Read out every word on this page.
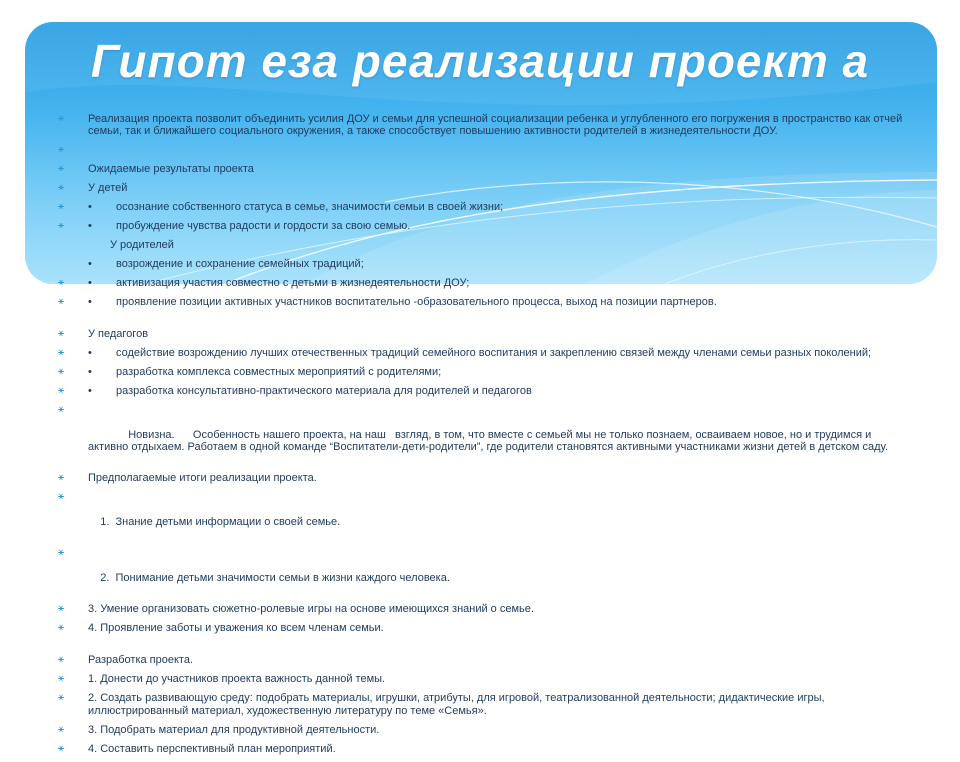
Гипот еза реализации проект а
⚹ Реализация проекта позволит объединить усилия ДОУ и семьи для успешной социализации ребенка и углубленного его погружения в пространство как отчей семьи, так и ближайшего социального окружения, а также способствует повышению активности родителей в жизнедеятельности ДОУ.
⚹
⚹ Ожидаемые результаты проекта
⚹ У детей
⚹ • осознание собственного статуса в семье, значимости семьи в своей жизни;
⚹ • пробуждение чувства радости и гордости за свою семью.
У родителей
• возрождение и сохранение семейных традиций;
⚹ • активизация участия совместно с детьми в жизнедеятельности ДОУ;
⚹ • проявление позиции активных участников воспитательно -образовательного процесса, выход на позиции партнеров.
⚹ У педагогов
⚹ • содействие возрождению лучших отечественных традиций семейного воспитания и закреплению связей между членами семьи разных поколений;
⚹ • разработка комплекса совместных мероприятий с родителями;
⚹ • разработка консультативно-практического материала для родителей и педагогов

⚹

Новизна.      Особенность нашего проекта, на наш   взгляд, в том, что вместе с семьей мы не только познаем, осваиваем новое, но и трудимся и активно отдыхаем. Работаем в одной команде “Воспитатели-дети-родители”, где родители становятся активными участниками жизни детей в детском саду.

⚹ Предполагаемые итоги реализации проекта.

⚹

1.  Знание детьми информации о своей семье.

⚹

2.  Понимание детьми значимости семьи в жизни каждого человека.

⚹ 3. Умение организовать сюжетно-ролевые игры на основе имеющихся знаний о семье.
⚹ 4. Проявление заботы и уважения ко всем членам семьи.
⚹ Разработка проекта.
⚹ 1. Донести до участников проекта важность данной темы.
⚹ 2. Создать развивающую среду: подобрать материалы, игрушки, атрибуты, для игровой, театрализованной деятельности; дидактические игры, иллюстрированный материал, художественную литературу по теме «Семья».
⚹ 3. Подобрать материал для продуктивной деятельности.
⚹ 4. Составить перспективный план мероприятий.
